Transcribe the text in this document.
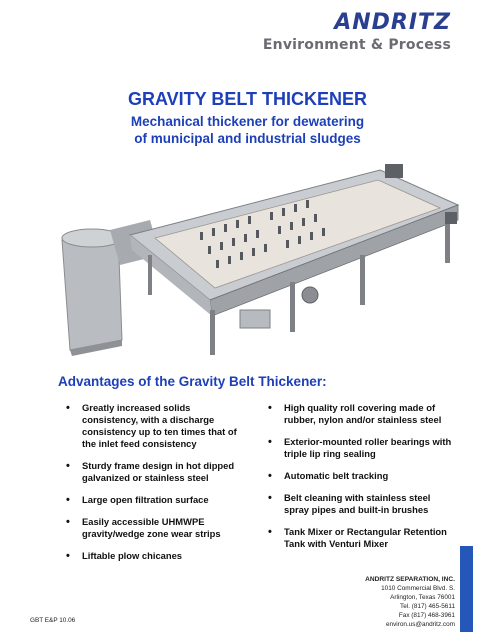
ANDRITZ
Environment & Process
GRAVITY BELT THICKENER
Mechanical thickener for dewatering
of municipal and industrial sludges
Advantages of the Gravity Belt Thickener:
• Greatly increased solids consistency, with a discharge consistency up to ten times that of the inlet feed consistency
• Sturdy frame design in hot dipped galvanized or stainless steel
• Large open filtration surface
• Easily accessible UHMWPE gravity/wedge zone wear strips
• Liftable plow chicanes
• High quality roll covering made of rubber, nylon and/or stainless steel
• Exterior-mounted roller bearings with triple lip ring sealing
• Automatic belt tracking
• Belt cleaning with stainless steel spray pipes and built-in brushes
• Tank Mixer or Rectangular Retention Tank with Venturi Mixer
ANDRITZ SEPARATION, INC.
1010 Commercial Blvd. S.
Arlington, Texas 76001
Tel. (817) 465-5611
Fax (817) 468-3961
environ.us@andritz.com
GBT E&P 10.06
